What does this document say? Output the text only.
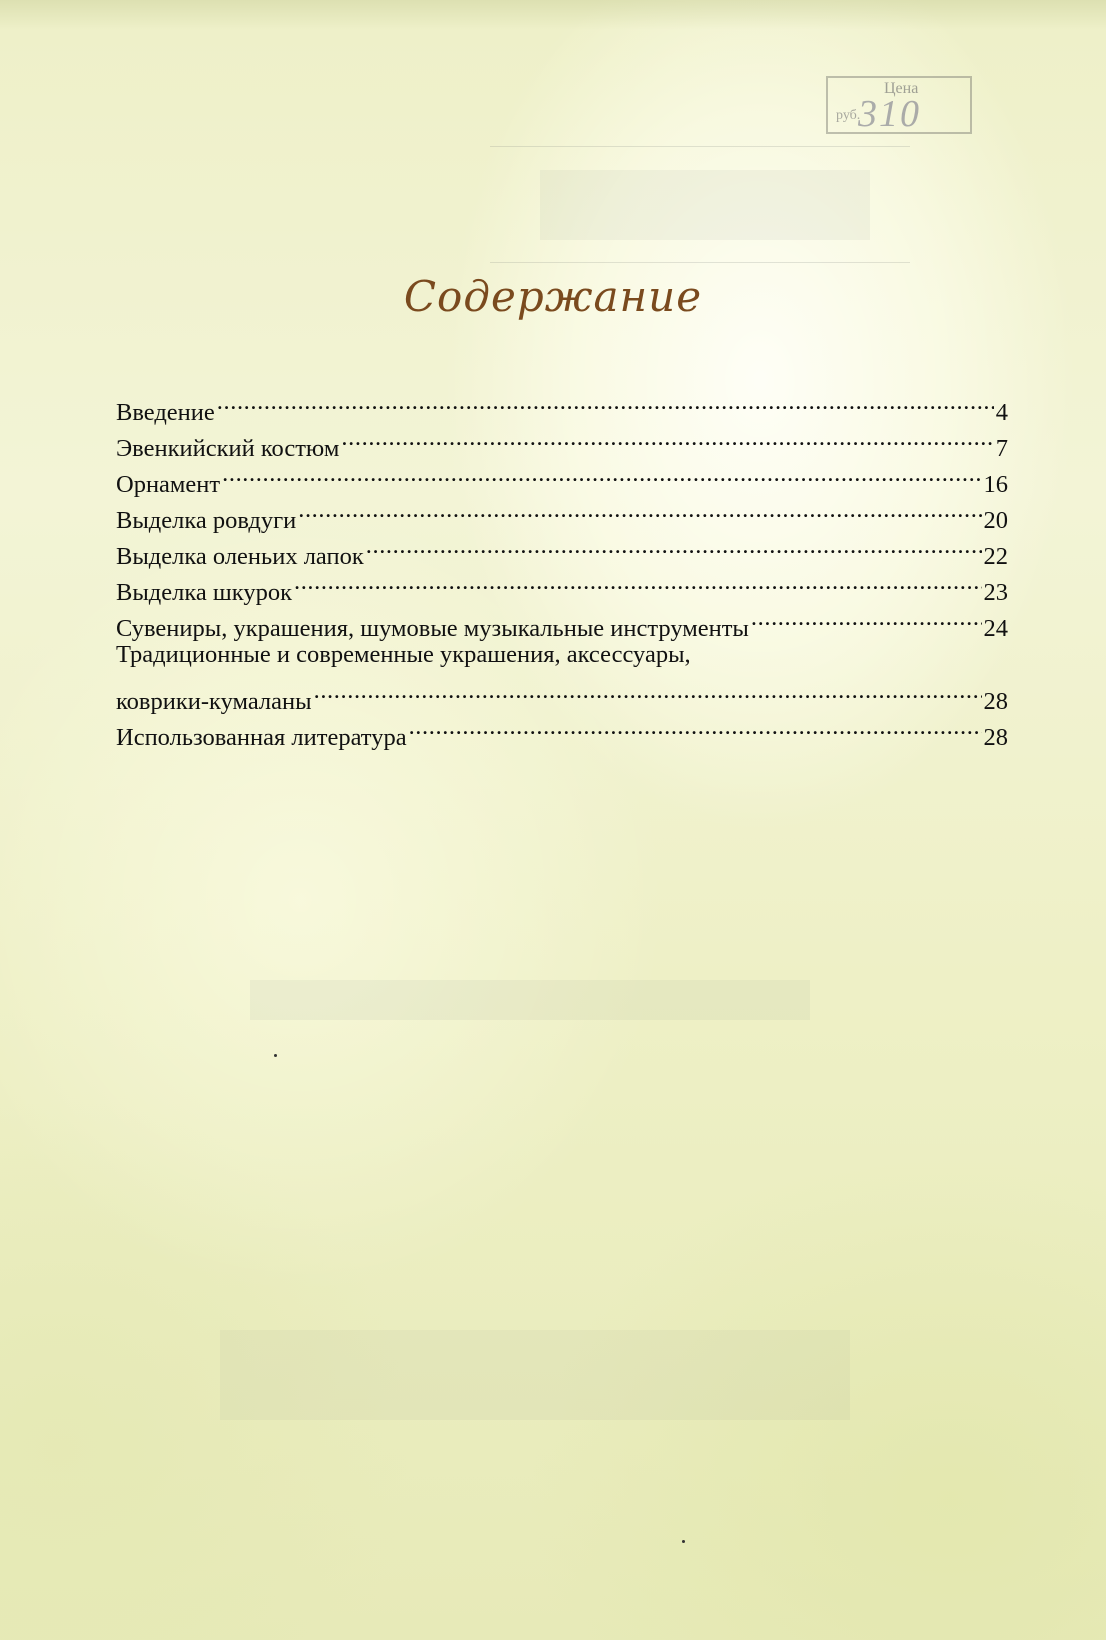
Цена
руб.
310
Содержание
Введение .....	4
Эвенкийский костюм .....	7
Орнамент .....	16
Выделка ровдуги .....	20
Выделка оленьих лапок .....	22
Выделка шкурок .....	23
Сувениры, украшения, шумовые музыкальные инструменты .....	24
Традиционные и современные украшения, аксессуары,
коврики-кумаланы .....	28
Использованная литература .....	28
